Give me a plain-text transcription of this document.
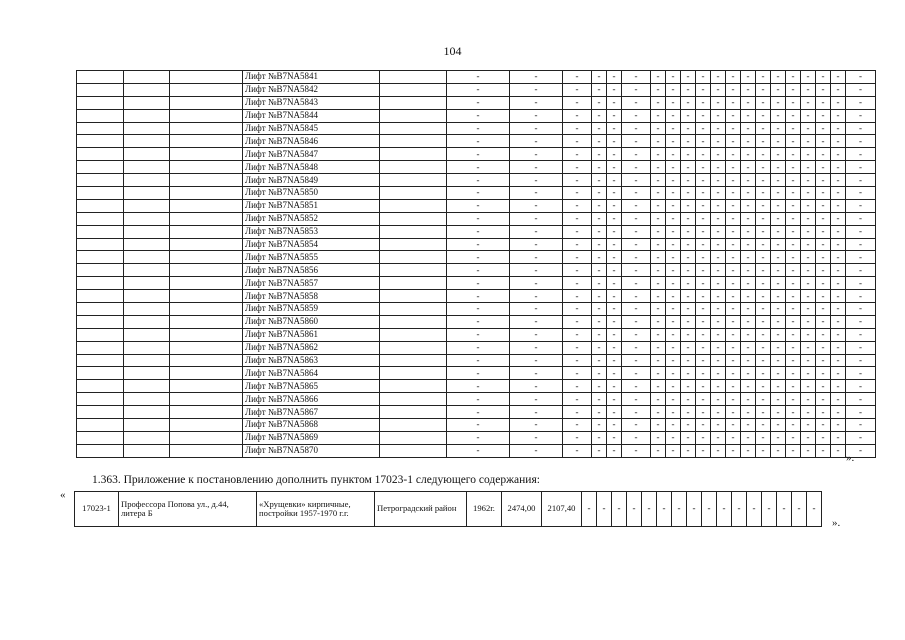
104
			Лифт №B7NA5841		-	-	-	-	-	-	-	-	-	-	-	-	-	-	-	-	-	-	-	-
			Лифт №B7NA5842		-	-	-	-	-	-	-	-	-	-	-	-	-	-	-	-	-	-	-	-
			Лифт №B7NA5843		-	-	-	-	-	-	-	-	-	-	-	-	-	-	-	-	-	-	-	-
			Лифт №B7NA5844		-	-	-	-	-	-	-	-	-	-	-	-	-	-	-	-	-	-	-	-
			Лифт №B7NA5845		-	-	-	-	-	-	-	-	-	-	-	-	-	-	-	-	-	-	-	-
			Лифт №B7NA5846		-	-	-	-	-	-	-	-	-	-	-	-	-	-	-	-	-	-	-	-
			Лифт №B7NA5847		-	-	-	-	-	-	-	-	-	-	-	-	-	-	-	-	-	-	-	-
			Лифт №B7NA5848		-	-	-	-	-	-	-	-	-	-	-	-	-	-	-	-	-	-	-	-
			Лифт №B7NA5849		-	-	-	-	-	-	-	-	-	-	-	-	-	-	-	-	-	-	-	-
			Лифт №B7NA5850		-	-	-	-	-	-	-	-	-	-	-	-	-	-	-	-	-	-	-	-
			Лифт №B7NA5851		-	-	-	-	-	-	-	-	-	-	-	-	-	-	-	-	-	-	-	-
			Лифт №B7NA5852		-	-	-	-	-	-	-	-	-	-	-	-	-	-	-	-	-	-	-	-
			Лифт №B7NA5853		-	-	-	-	-	-	-	-	-	-	-	-	-	-	-	-	-	-	-	-
			Лифт №B7NA5854		-	-	-	-	-	-	-	-	-	-	-	-	-	-	-	-	-	-	-	-
			Лифт №B7NA5855		-	-	-	-	-	-	-	-	-	-	-	-	-	-	-	-	-	-	-	-
			Лифт №B7NA5856		-	-	-	-	-	-	-	-	-	-	-	-	-	-	-	-	-	-	-	-
			Лифт №B7NA5857		-	-	-	-	-	-	-	-	-	-	-	-	-	-	-	-	-	-	-	-
			Лифт №B7NA5858		-	-	-	-	-	-	-	-	-	-	-	-	-	-	-	-	-	-	-	-
			Лифт №B7NA5859		-	-	-	-	-	-	-	-	-	-	-	-	-	-	-	-	-	-	-	-
			Лифт №B7NA5860		-	-	-	-	-	-	-	-	-	-	-	-	-	-	-	-	-	-	-	-
			Лифт №B7NA5861		-	-	-	-	-	-	-	-	-	-	-	-	-	-	-	-	-	-	-	-
			Лифт №B7NA5862		-	-	-	-	-	-	-	-	-	-	-	-	-	-	-	-	-	-	-	-
			Лифт №B7NA5863		-	-	-	-	-	-	-	-	-	-	-	-	-	-	-	-	-	-	-	-
			Лифт №B7NA5864		-	-	-	-	-	-	-	-	-	-	-	-	-	-	-	-	-	-	-	-
			Лифт №B7NA5865		-	-	-	-	-	-	-	-	-	-	-	-	-	-	-	-	-	-	-	-
			Лифт №B7NA5866		-	-	-	-	-	-	-	-	-	-	-	-	-	-	-	-	-	-	-	-
			Лифт №B7NA5867		-	-	-	-	-	-	-	-	-	-	-	-	-	-	-	-	-	-	-	-
			Лифт №B7NA5868		-	-	-	-	-	-	-	-	-	-	-	-	-	-	-	-	-	-	-	-
			Лифт №B7NA5869		-	-	-	-	-	-	-	-	-	-	-	-	-	-	-	-	-	-	-	-
			Лифт №B7NA5870		-	-	-	-	-	-	-	-	-	-	-	-	-	-	-	-	-	-	-	-
».
1.363. Приложение к постановлению дополнить пунктом 17023-1 следующего содержания:
«
17023-1	Профессора Попова ул., д.44, литера Б	«Хрущевки» кирпичные, постройки 1957-1970 г.г.	Петроградский район	1962г.	2474,00	2107,40	-	-	-	-	-	-	-	-	-	-	-	-	-	-	-	-
».
